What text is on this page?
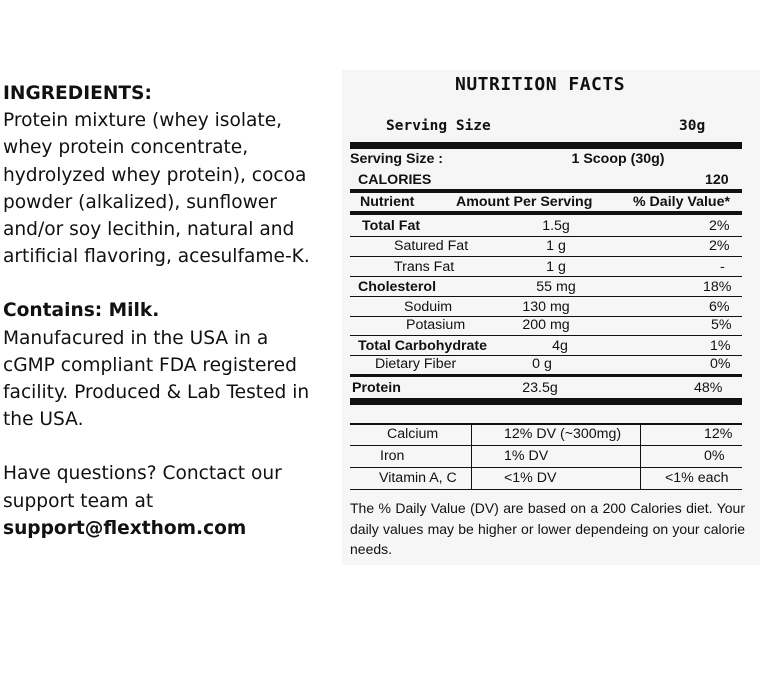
INGREDIENTS:

Protein mixture (whey isolate,

whey protein concentrate,

hydrolyzed whey protein), cocoa

powder (alkalized), sunflower

and/or soy lecithin, natural and

artificial flavoring, acesulfame-K.

Contains: Milk.

Manufacured in the USA in a

cGMP compliant FDA registered

facility. Produced & Lab Tested in

the USA.

Have questions? Conctact our

support team at

support@flexthom.com

NUTRITION FACTS
Serving Size	30g
Serving Size :	1 Scoop (30g)
CALORIES	120
Nutrient	Amount Per Serving	% Daily Value*
Total Fat	1.5g	2%
Satured Fat	1 g	2%
Trans Fat	1 g	-
Cholesterol	55 mg	18%
Soduim	130 mg	6%
Potasium	200 mg	5%
Total Carbohydrate	4g	1%
Dietary Fiber	0 g	0%
Protein	23.5g	48%
Calcium	12% DV (~300mg)	12%
Iron	1% DV	0%
Vitamin A, C	<1% DV	<1% each
The % Daily Value (DV) are based on a 200 Calories diet. Your daily values may be higher or lower dependeing on your calorie needs.
